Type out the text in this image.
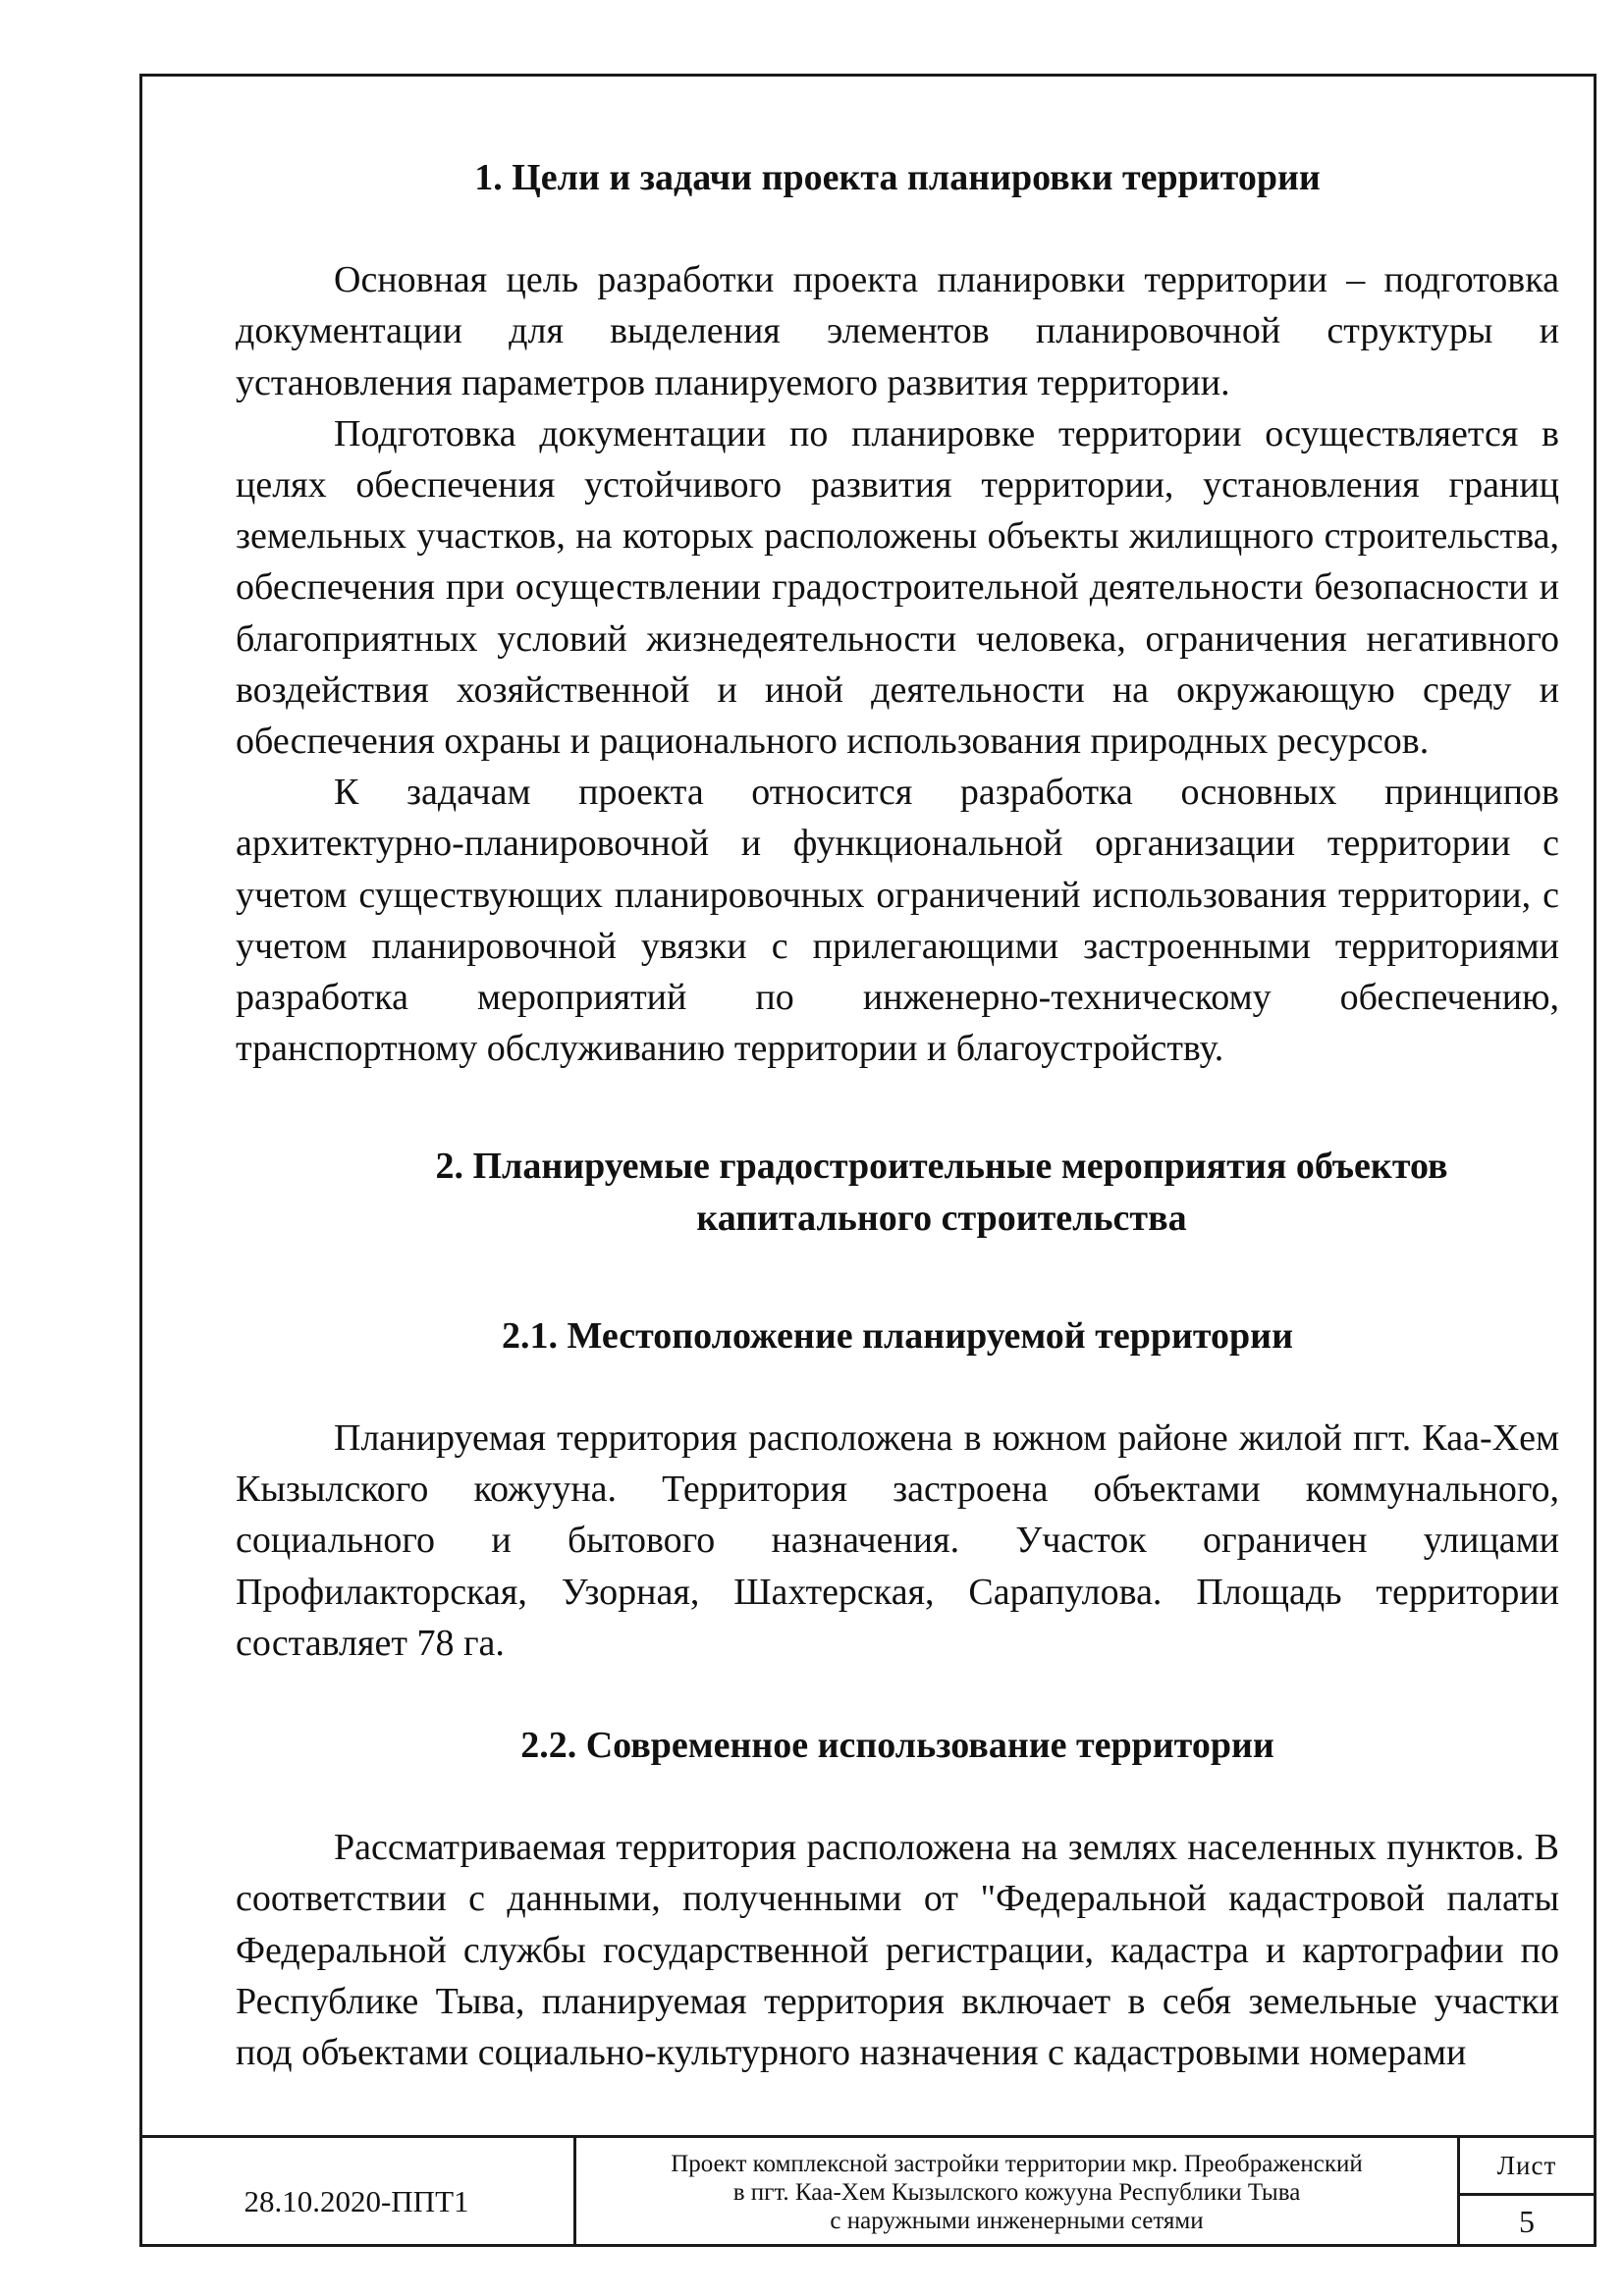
1. Цели и задачи проекта планировки территории

Основная цель разработки проекта планировки территории – подготовка документации для выделения элементов планировочной структуры и установления параметров планируемого развития территории.

Подготовка документации по планировке территории осуществляется в целях обеспечения устойчивого развития территории, установления границ земельных участков, на которых расположены объекты жилищного строительства, обеспечения при осуществлении градостроительной деятельности безопасности и благоприятных условий жизнедеятельности человека, ограничения негативного воздействия хозяйственной и иной деятельности на окружающую среду и обеспечения охраны и рационального использования природных ресурсов.

К задачам проекта относится разработка основных принципов архитектурно-планировочной и функциональной организации территории с учетом существующих планировочных ограничений использования территории, с учетом планировочной увязки с прилегающими застроенными территориями разработка мероприятий по инженерно-техническому обеспечению, транспортному обслуживанию территории и благоустройству.

2. Планируемые градостроительные мероприятия объектов
капитального строительства

2.1. Местоположение планируемой территории

Планируемая территория расположена в южном районе жилой пгт. Каа-Хем Кызылского кожууна. Территория застроена объектами коммунального, социального и бытового назначения. Участок ограничен улицами Профилакторская, Узорная, Шахтерская, Сарапулова. Площадь территории составляет 78 га.

2.2. Современное использование территории

Рассматриваемая территория расположена на землях населенных пунктов. В соответствии с данными, полученными от "Федеральной кадастровой палаты Федеральной службы государственной регистрации, кадастра и картографии по Республике Тыва, планируемая территория включает в себя земельные участки под объектами социально-культурного назначения с кадастровыми номерами

28.10.2020-ППТ1
Проект комплексной застройки территории мкр. Преображенский
в пгт. Каа-Хем Кызылского кожууна Республики Тыва
с наружными инженерными сетями
Лист
5
